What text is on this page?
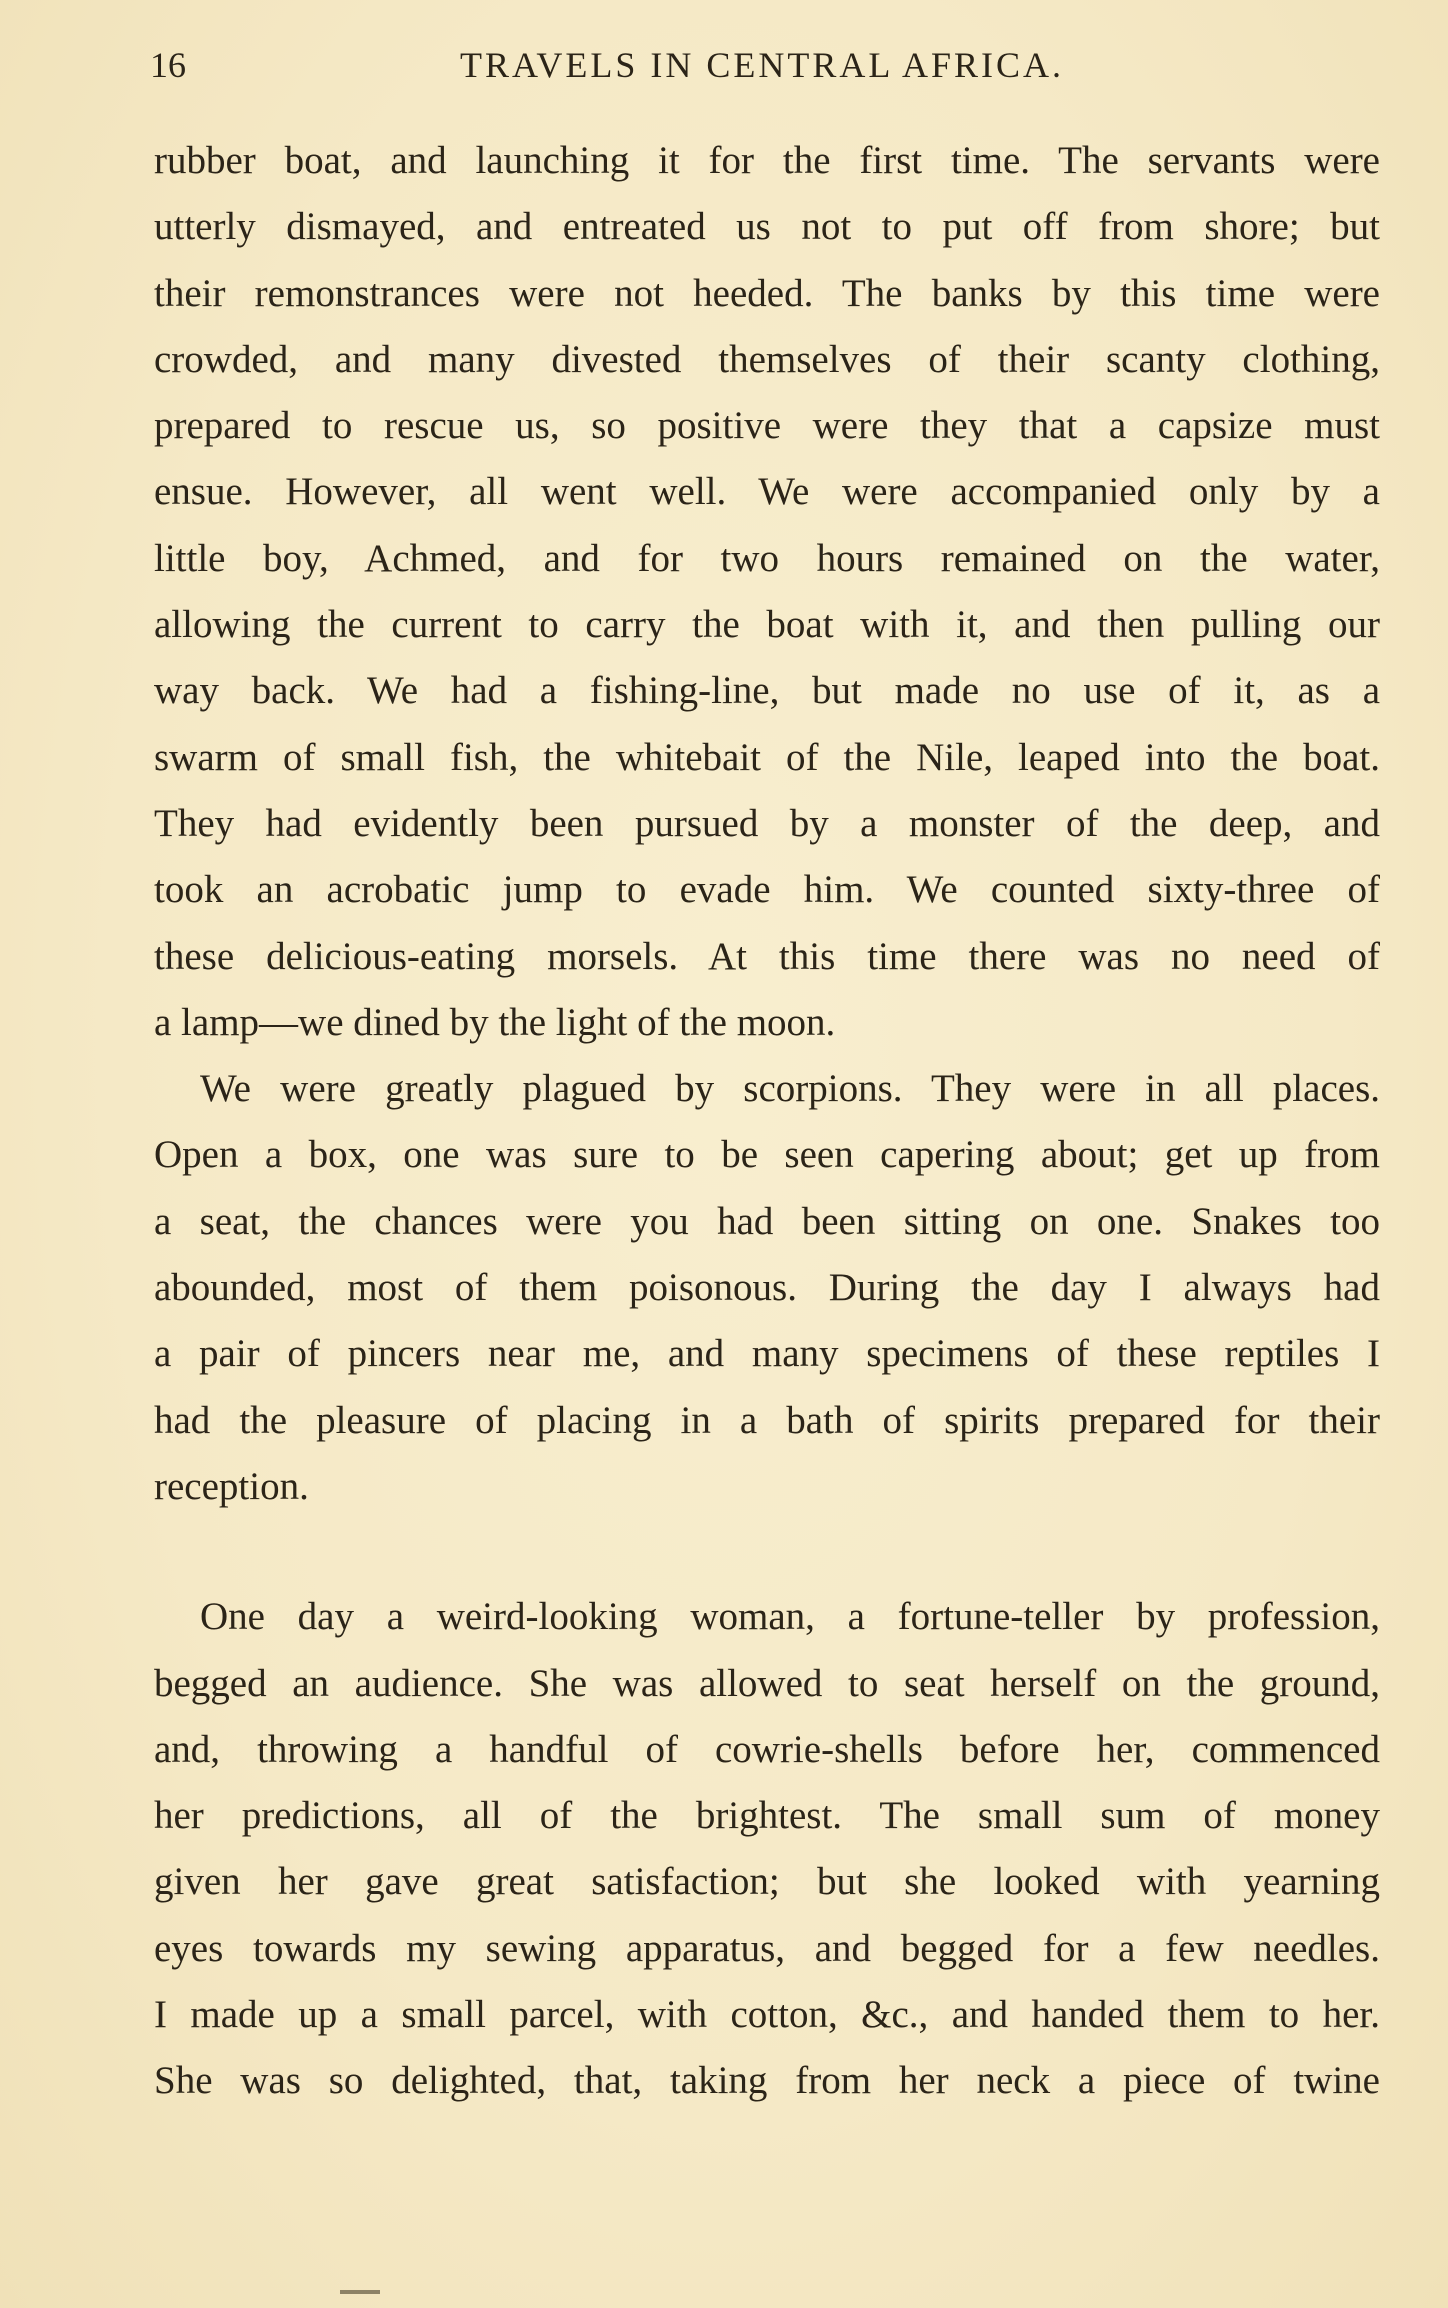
16	TRAVELS IN CENTRAL AFRICA.
rubber boat, and launching it for the first time. The servants were
utterly dismayed, and entreated us not to put off from shore; but
their remonstrances were not heeded. The banks by this time were
crowded, and many divested themselves of their scanty clothing,
prepared to rescue us, so positive were they that a capsize must
ensue. However, all went well. We were accompanied only by a
little boy, Achmed, and for two hours remained on the water,
allowing the current to carry the boat with it, and then pulling our
way back. We had a fishing-line, but made no use of it, as a
swarm of small fish, the whitebait of the Nile, leaped into the boat.
They had evidently been pursued by a monster of the deep, and
took an acrobatic jump to evade him. We counted sixty-three of
these delicious-eating morsels. At this time there was no need of
a lamp—we dined by the light of the moon.
We were greatly plagued by scorpions. They were in all places.
Open a box, one was sure to be seen capering about; get up from
a seat, the chances were you had been sitting on one. Snakes too
abounded, most of them poisonous. During the day I always had
a pair of pincers near me, and many specimens of these reptiles I
had the pleasure of placing in a bath of spirits prepared for their
reception.
One day a weird-looking woman, a fortune-teller by profession,
begged an audience. She was allowed to seat herself on the ground,
and, throwing a handful of cowrie-shells before her, commenced
her predictions, all of the brightest. The small sum of money
given her gave great satisfaction; but she looked with yearning
eyes towards my sewing apparatus, and begged for a few needles.
I made up a small parcel, with cotton, &c., and handed them to her.
She was so delighted, that, taking from her neck a piece of twine
